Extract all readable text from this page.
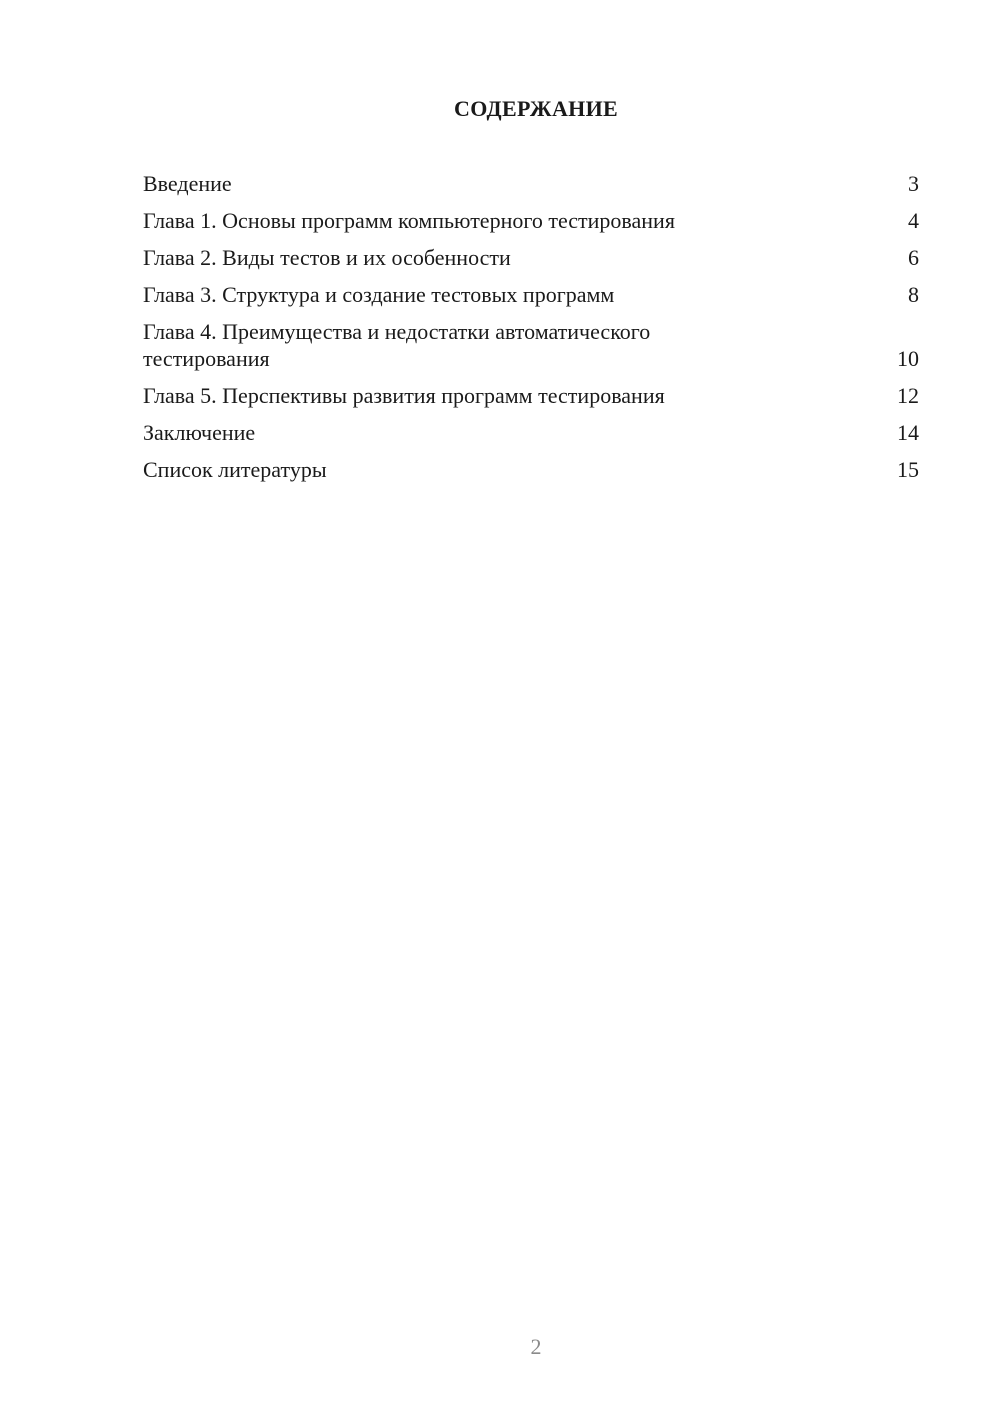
СОДЕРЖАНИЕ
Введение	3
Глава 1. Основы программ компьютерного тестирования	4
Глава 2. Виды тестов и их особенности	6
Глава 3. Структура и создание тестовых программ	8
Глава 4. Преимущества и недостатки автоматического тестирования	10
Глава 5. Перспективы развития программ тестирования	12
Заключение	14
Список литературы	15
2
